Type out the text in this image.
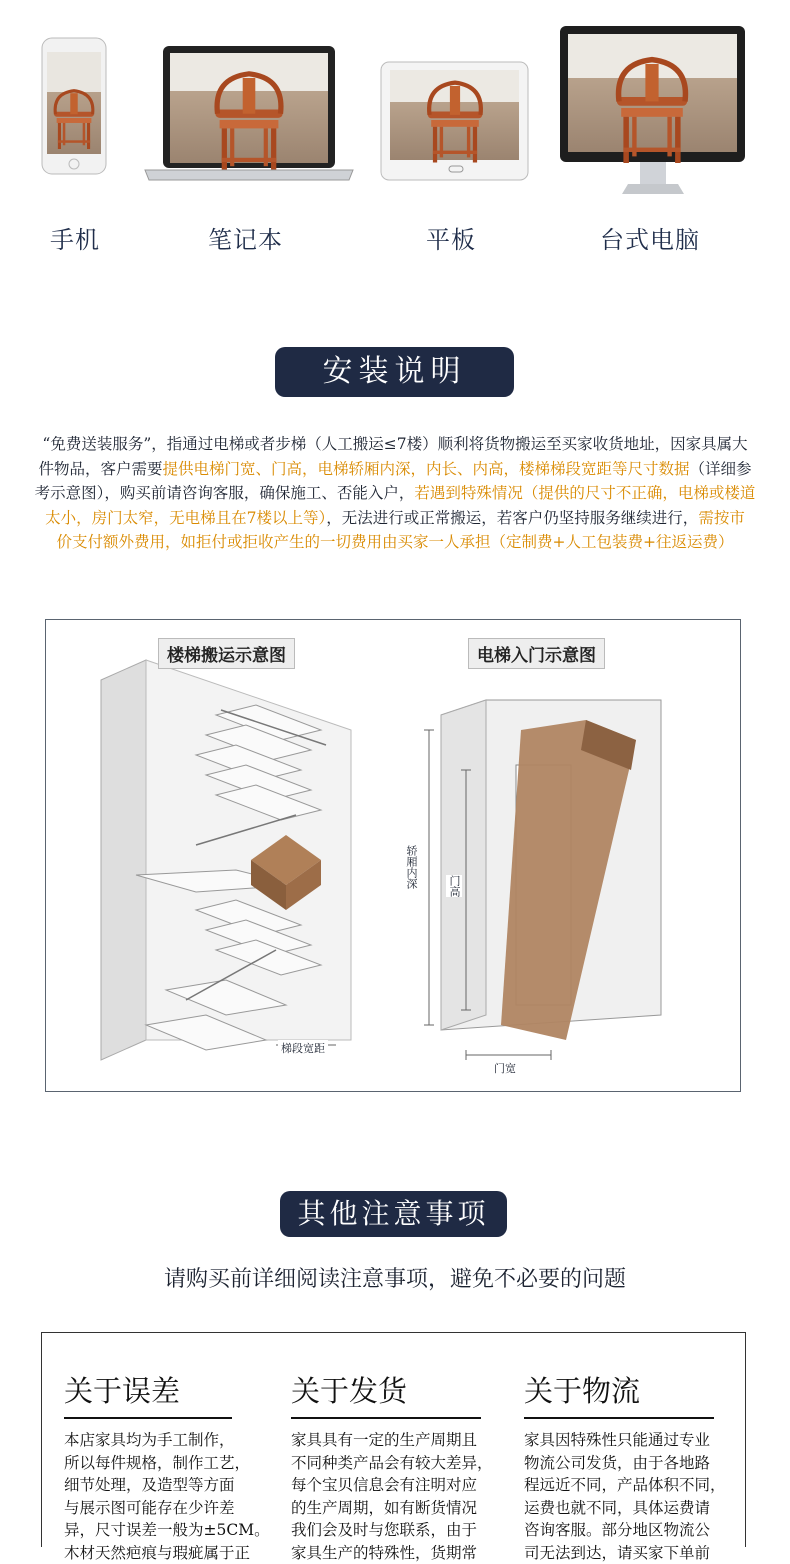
手机	笔记本	平板	台式电脑
安装说明
“免费送装服务”，指通过电梯或者步梯（人工搬运≤7楼）顺利将货物搬运至买家收货地址，因家具属大
件物品，客户需要提供电梯门宽、门高，电梯轿厢内深，内长、内高，楼梯梯段宽距等尺寸数据（详细参
考示意图），购买前请咨询客服，确保施工、否能入户，若遇到特殊情况（提供的尺寸不正确，电梯或楼道
太小，房门太窄，无电梯且在7楼以上等），无法进行或正常搬运，若客户仍坚持服务继续进行，需按市
价支付额外费用，如拒付或拒收产生的一切费用由买家一人承担（定制费+人工包装费+往返运费）
楼梯搬运示意图	电梯入门示意图
梯段宽距
轿厢内深	门高
门宽
其他注意事项
请购买前详细阅读注意事项，避免不必要的问题
关于误差
本店家具均为手工制作，
所以每件规格，制作工艺，
细节处理，及造型等方面
与展示图可能存在少许差
异，尺寸误差一般为±5CM。
木材天然疤痕与瑕疵属于正
关于发货
家具具有一定的生产周期且
不同种类产品会有较大差异，
每个宝贝信息会有注明对应
的生产周期，如有断货情况
我们会及时与您联系，由于
家具生产的特殊性，货期常
关于物流
家具因特殊性只能通过专业
物流公司发货，由于各地路
程远近不同，产品体积不同，
运费也就不同，具体运费请
咨询客服。部分地区物流公
司无法到达，请买家下单前
